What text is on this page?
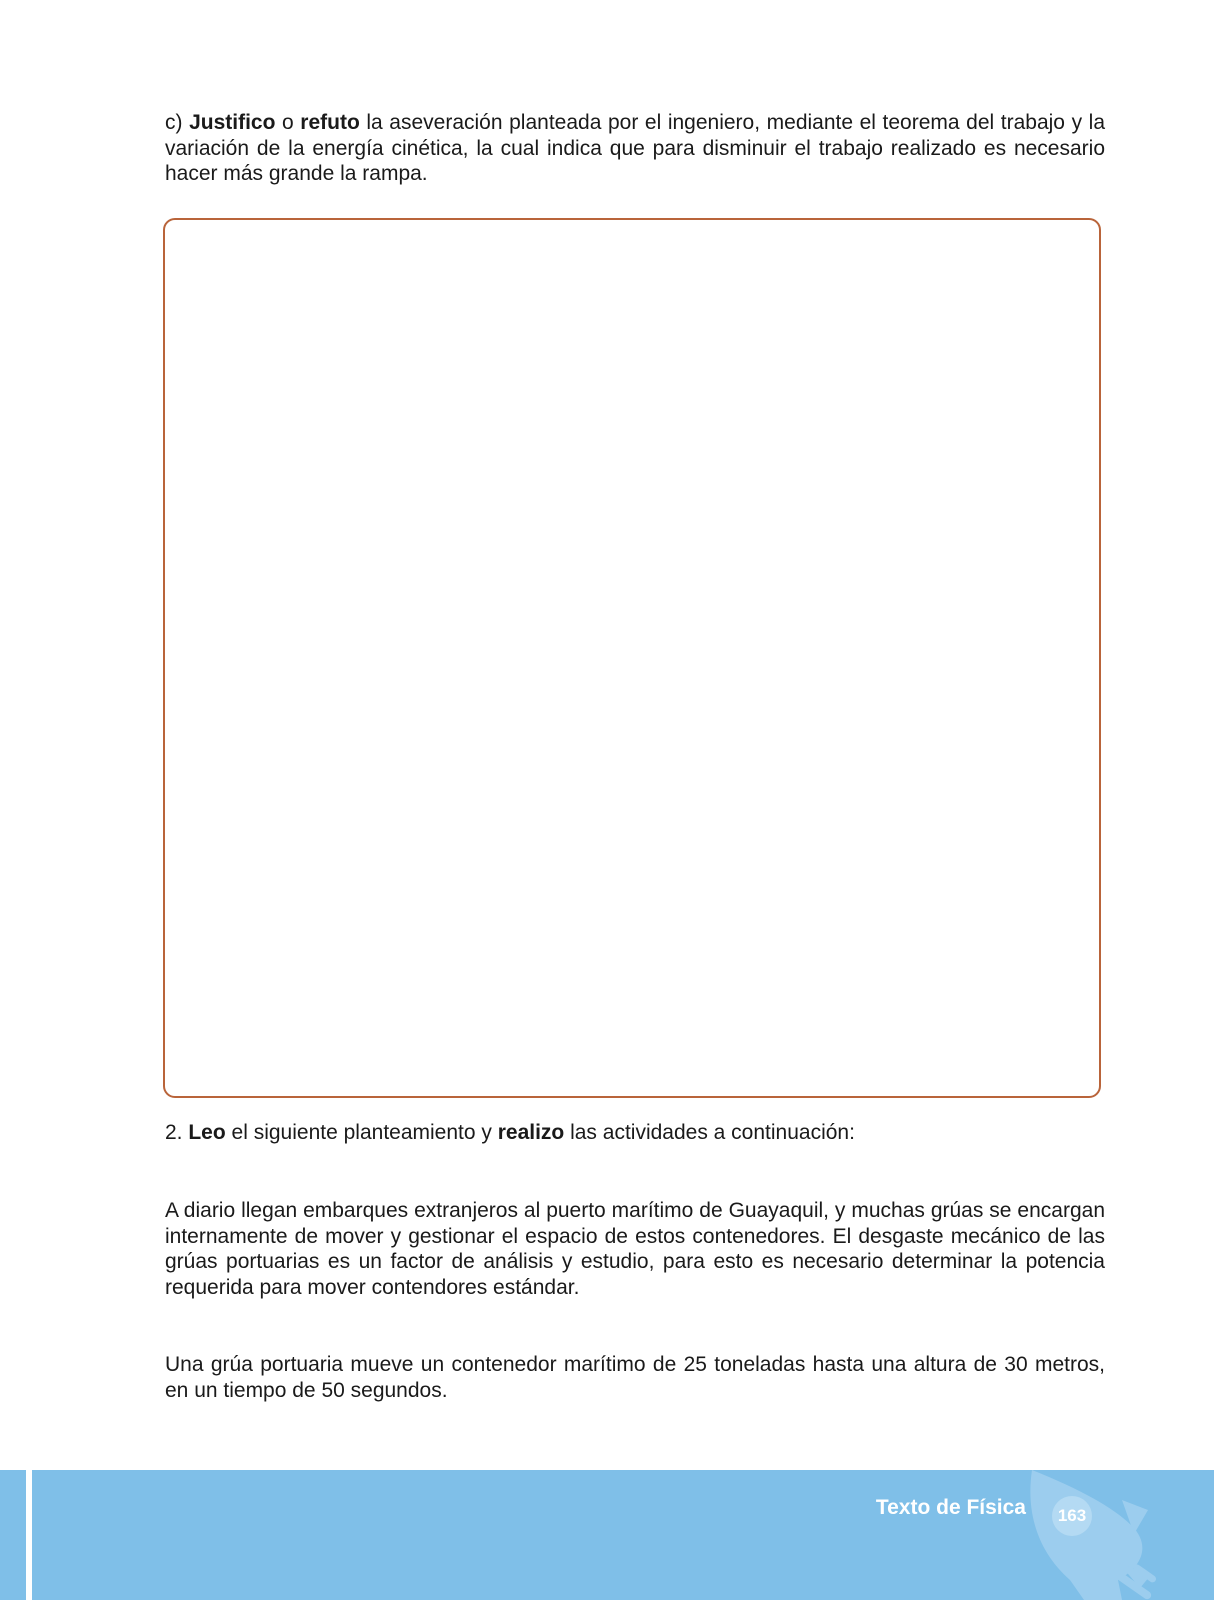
c) Justifico o refuto la aseveración planteada por el ingeniero, mediante el teorema del trabajo y la variación de la energía cinética, la cual indica que para disminuir el trabajo realizado es necesario hacer más grande la rampa.

2. Leo el siguiente planteamiento y realizo las actividades a continuación:

A diario llegan embarques extranjeros al puerto marítimo de Guayaquil, y muchas grúas se encargan internamente de mover y gestionar el espacio de estos contenedores. El desgaste mecánico de las grúas portuarias es un factor de análisis y estudio, para esto es necesario determinar la potencia requerida para mover contendores estándar.

Una grúa portuaria mueve un contenedor marítimo de 25 toneladas hasta una altura de 30 metros, en un tiempo de 50 segundos.

Texto de Física	163
